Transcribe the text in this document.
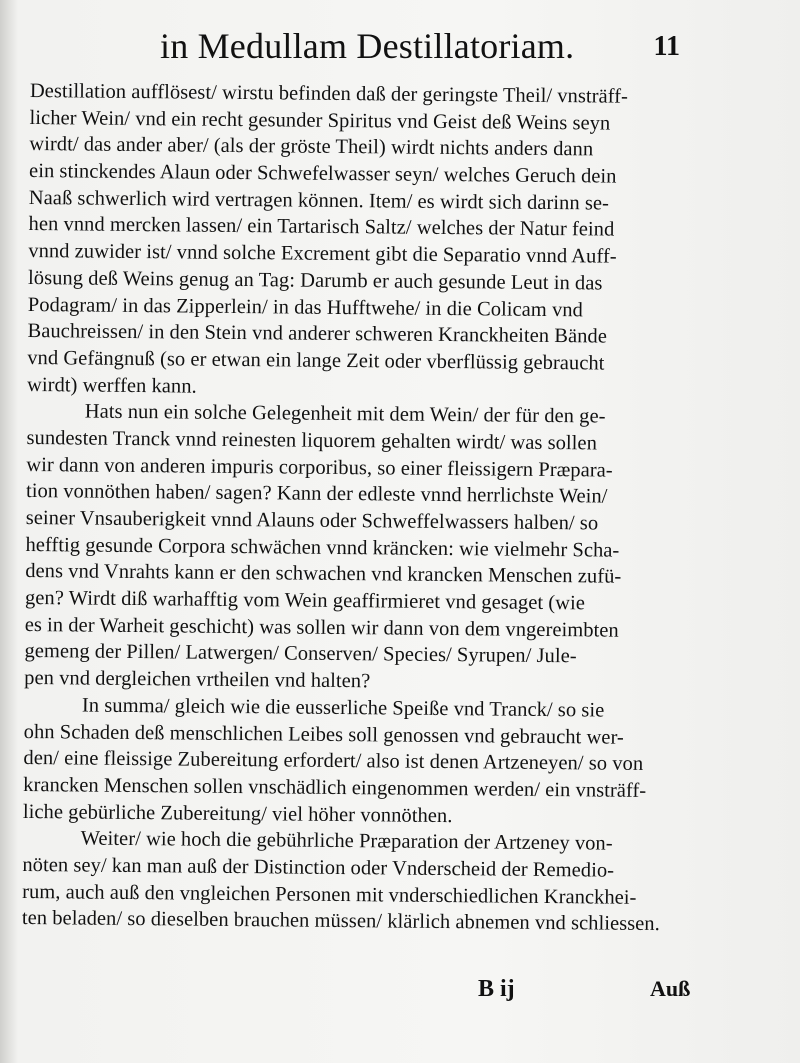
in Medullam Destillatoriam.	11
Destillation aufflösest/ wirstu befinden daß der geringste Theil/ vnsträff-
licher Wein/ vnd ein recht gesunder Spiritus vnd Geist deß Weins seyn
wirdt/ das ander aber/ (als der gröste Theil) wirdt nichts anders dann
ein stinckendes Alaun oder Schwefelwasser seyn/ welches Geruch dein
Naaß schwerlich wird vertragen können. Item/ es wirdt sich darinn se-
hen vnnd mercken lassen/ ein Tartarisch Saltz/ welches der Natur feind
vnnd zuwider ist/ vnnd solche Excrement gibt die Separatio vnnd Auff-
lösung deß Weins genug an Tag: Darumb er auch gesunde Leut in das
Podagram/ in das Zipperlein/ in das Hufftwehe/ in die Colicam vnd
Bauchreissen/ in den Stein vnd anderer schweren Kranckheiten Bände
vnd Gefängnuß (so er etwan ein lange Zeit oder vberflüssig gebraucht
wirdt) werffen kann.
Hats nun ein solche Gelegenheit mit dem Wein/ der für den ge-
sundesten Tranck vnnd reinesten liquorem gehalten wirdt/ was sollen
wir dann von anderen impuris corporibus, so einer fleissigern Præpara-
tion vonnöthen haben/ sagen? Kann der edleste vnnd herrlichste Wein/
seiner Vnsauberigkeit vnnd Alauns oder Schweffelwassers halben/ so
hefftig gesunde Corpora schwächen vnnd kräncken: wie vielmehr Scha-
dens vnd Vnrahts kann er den schwachen vnd krancken Menschen zufü-
gen? Wirdt diß warhafftig vom Wein geaffirmieret vnd gesaget (wie
es in der Warheit geschicht) was sollen wir dann von dem vngereimbten
gemeng der Pillen/ Latwergen/ Conserven/ Species/ Syrupen/ Jule-
pen vnd dergleichen vrtheilen vnd halten?
In summa/ gleich wie die eusserliche Speiße vnd Tranck/ so sie
ohn Schaden deß menschlichen Leibes soll genossen vnd gebraucht wer-
den/ eine fleissige Zubereitung erfordert/ also ist denen Artzeneyen/ so von
krancken Menschen sollen vnschädlich eingenommen werden/ ein vnsträff-
liche gebürliche Zubereitung/ viel höher vonnöthen.
Weiter/ wie hoch die gebührliche Præparation der Artzeney von-
nöten sey/ kan man auß der Distinction oder Vnderscheid der Remedio-
rum, auch auß den vngleichen Personen mit vnderschiedlichen Kranckhei-
ten beladen/ so dieselben brauchen müssen/ klärlich abnemen vnd schliessen.
B ij	Auß
